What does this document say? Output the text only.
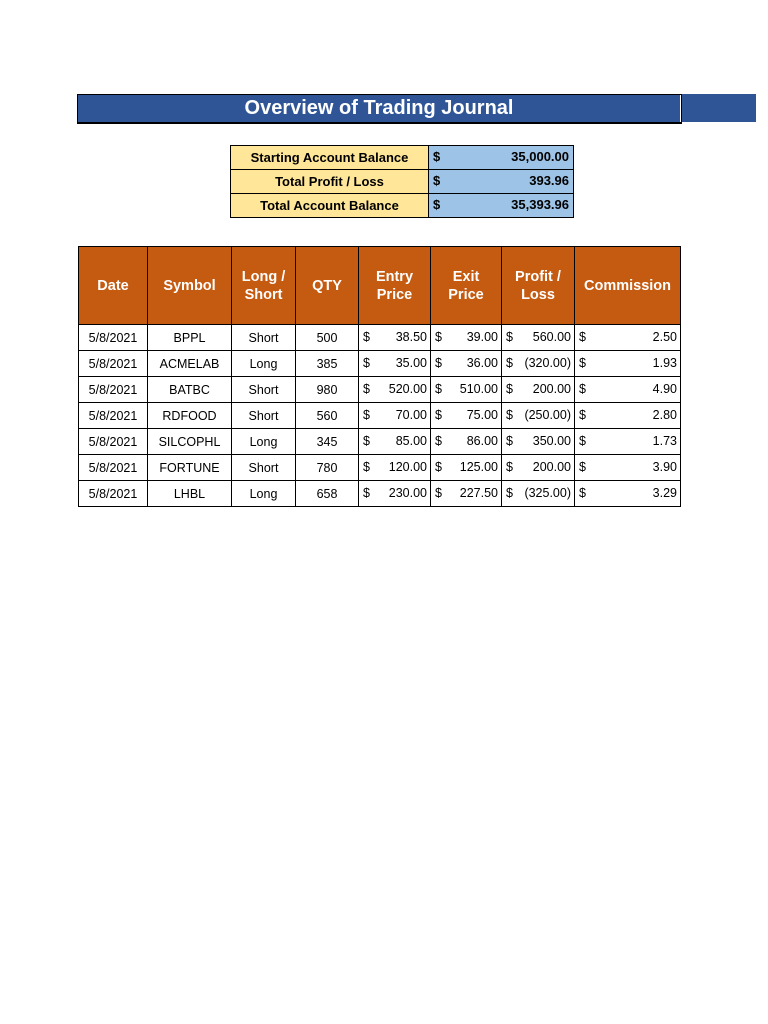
Overview of Trading Journal
Starting Account Balance	$ 35,000.00

Total Profit / Loss	$ 393.96

Total Account Balance	$ 35,393.96
Date	Symbol	Long / Short	QTY	Entry Price	Exit Price	Profit / Loss	Commission
5/8/2021	BPPL	Short	500	$ 38.50	$ 39.00	$ 560.00	$ 2.50

5/8/2021	ACMELAB	Long	385	$ 35.00	$ 36.00	$ (320.00)	$ 1.93

5/8/2021	BATBC	Short	980	$ 520.00	$ 510.00	$ 200.00	$ 4.90

5/8/2021	RDFOOD	Short	560	$ 70.00	$ 75.00	$ (250.00)	$ 2.80

5/8/2021	SILCOPHL	Long	345	$ 85.00	$ 86.00	$ 350.00	$ 1.73

5/8/2021	FORTUNE	Short	780	$ 120.00	$ 125.00	$ 200.00	$ 3.90

5/8/2021	LHBL	Long	658	$ 230.00	$ 227.50	$ (325.00)	$ 3.29
